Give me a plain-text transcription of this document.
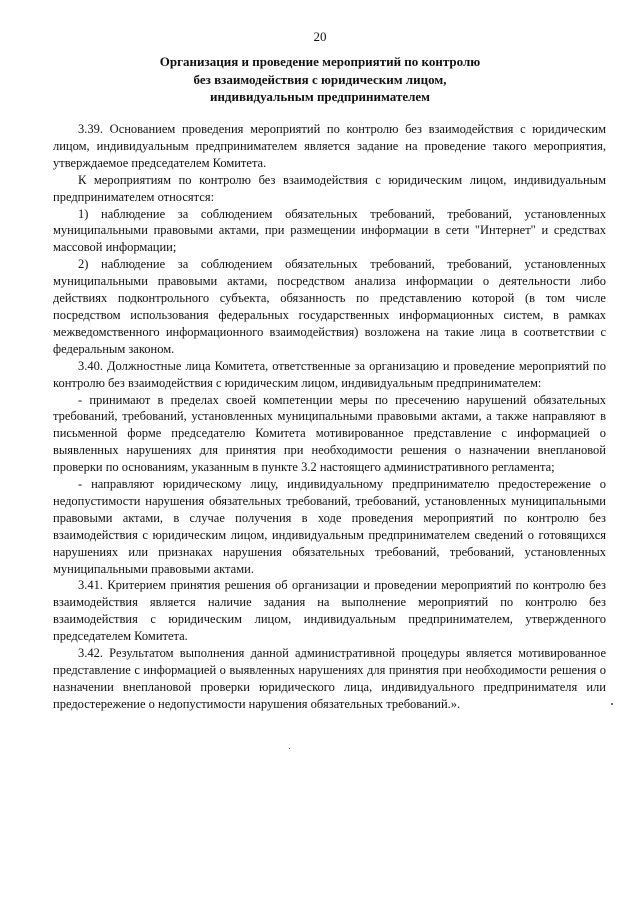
20
Организация и проведение мероприятий по контролю
без взаимодействия с юридическим лицом,
индивидуальным предпринимателем

3.39. Основанием проведения мероприятий по контролю без взаимодействия с юридическим лицом, индивидуальным предпринимателем является задание на проведение такого мероприятия, утверждаемое председателем Комитета.

К мероприятиям по контролю без взаимодействия с юридическим лицом, индивидуальным предпринимателем относятся:

1) наблюдение за соблюдением обязательных требований, требований, установленных муниципальными правовыми актами, при размещении информации в сети "Интернет" и средствах массовой информации;

2) наблюдение за соблюдением обязательных требований, требований, установленных муниципальными правовыми актами, посредством анализа информации о деятельности либо действиях подконтрольного субъекта, обязанность по представлению которой (в том числе посредством использования федеральных государственных информационных систем, в рамках межведомственного информационного взаимодействия) возложена на такие лица в соответствии с федеральным законом.

3.40. Должностные лица Комитета, ответственные за организацию и проведение мероприятий по контролю без взаимодействия с юридическим лицом, индивидуальным предпринимателем:

- принимают в пределах своей компетенции меры по пресечению нарушений обязательных требований, требований, установленных муниципальными правовыми актами, а также направляют в письменной форме председателю Комитета мотивированное представление с информацией о выявленных нарушениях для принятия при необходимости решения о назначении внеплановой проверки по основаниям, указанным в пункте 3.2 настоящего административного регламента;

- направляют юридическому лицу, индивидуальному предпринимателю предостережение о недопустимости нарушения обязательных требований, требований, установленных муниципальными правовыми актами, в случае получения в ходе проведения мероприятий по контролю без взаимодействия с юридическим лицом, индивидуальным предпринимателем сведений о готовящихся нарушениях или признаках нарушения обязательных требований, требований, установленных муниципальными правовыми актами.

3.41. Критерием принятия решения об организации и проведении мероприятий по контролю без взаимодействия является наличие задания на выполнение мероприятий по контролю без взаимодействия с юридическим лицом, индивидуальным предпринимателем, утвержденного председателем Комитета.

3.42. Результатом выполнения данной административной процедуры является мотивированное представление с информацией о выявленных нарушениях для принятия при необходимости решения о назначении внеплановой проверки юридического лица, индивидуального предпринимателя или предостережение о недопустимости нарушения обязательных требований.».
